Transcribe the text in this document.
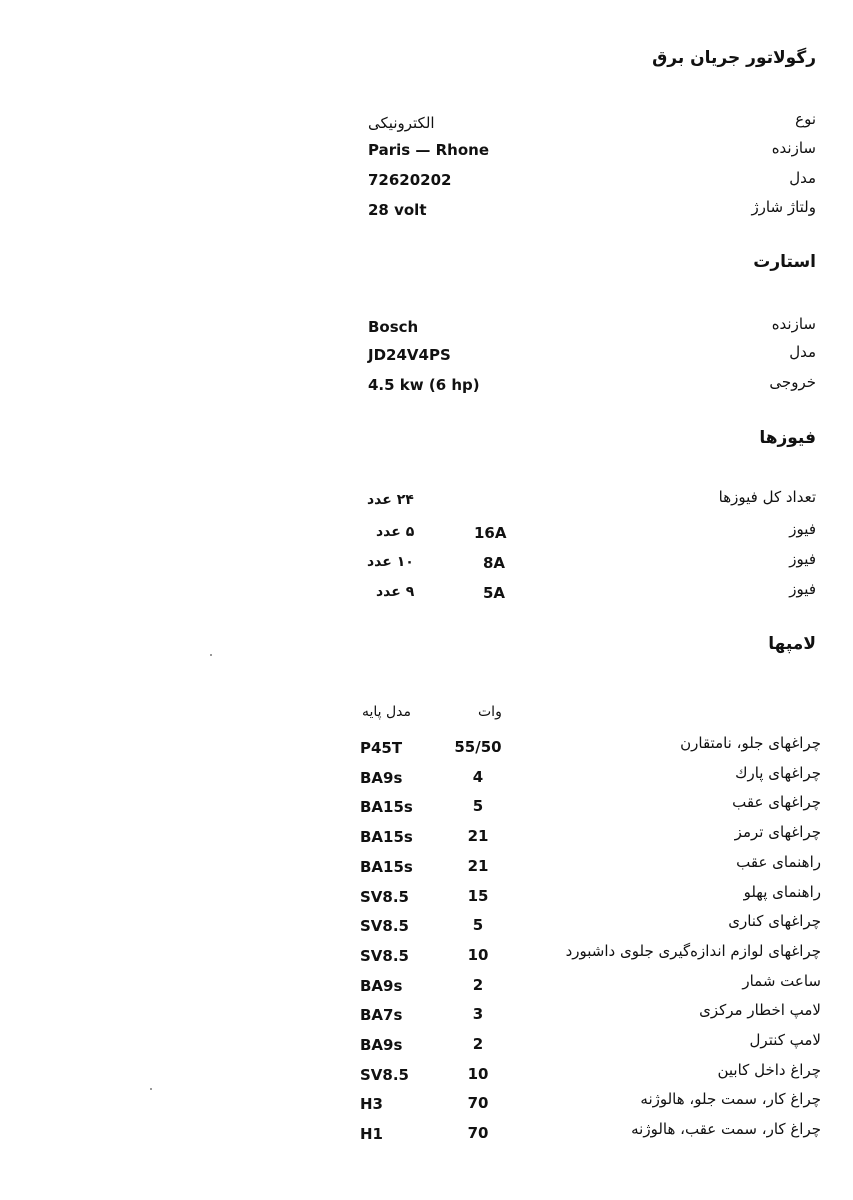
رگولاتور جریان برق
نوع
الکترونیکی
سازنده
Paris — Rhone
مدل
72620202
ولتاژ شارژ
28 volt
استارت
سازنده
Bosch
مدل
JD24V4PS
خروجی
4.5 kw (6 hp)
فیوزها
تعداد کل فیوزها
۲۴ عدد
فیوز
16A
۵ عدد
فیوز
8A
۱۰ عدد
فیوز
5A
۹ عدد
لامپها
وات
مدل پایه
چراغهای جلو، نامتقارن
55/50
P45T
چراغهای پارك
4
BA9s
چراغهای عقب
5
BA15s
چراغهای ترمز
21
BA15s
راهنمای عقب
21
BA15s
راهنمای پهلو
15
SV8.5
چراغهای کناری
5
SV8.5
چراغهای لوازم اندازه‌گیری جلوی داشبورد
10
SV8.5
ساعت شمار
2
BA9s
لامپ اخطار مرکزی
3
BA7s
لامپ کنترل
2
BA9s
چراغ داخل کابین
10
SV8.5
چراغ کار، سمت جلو، هالوژنه
70
H3
چراغ کار، سمت عقب، هالوژنه
70
H1
